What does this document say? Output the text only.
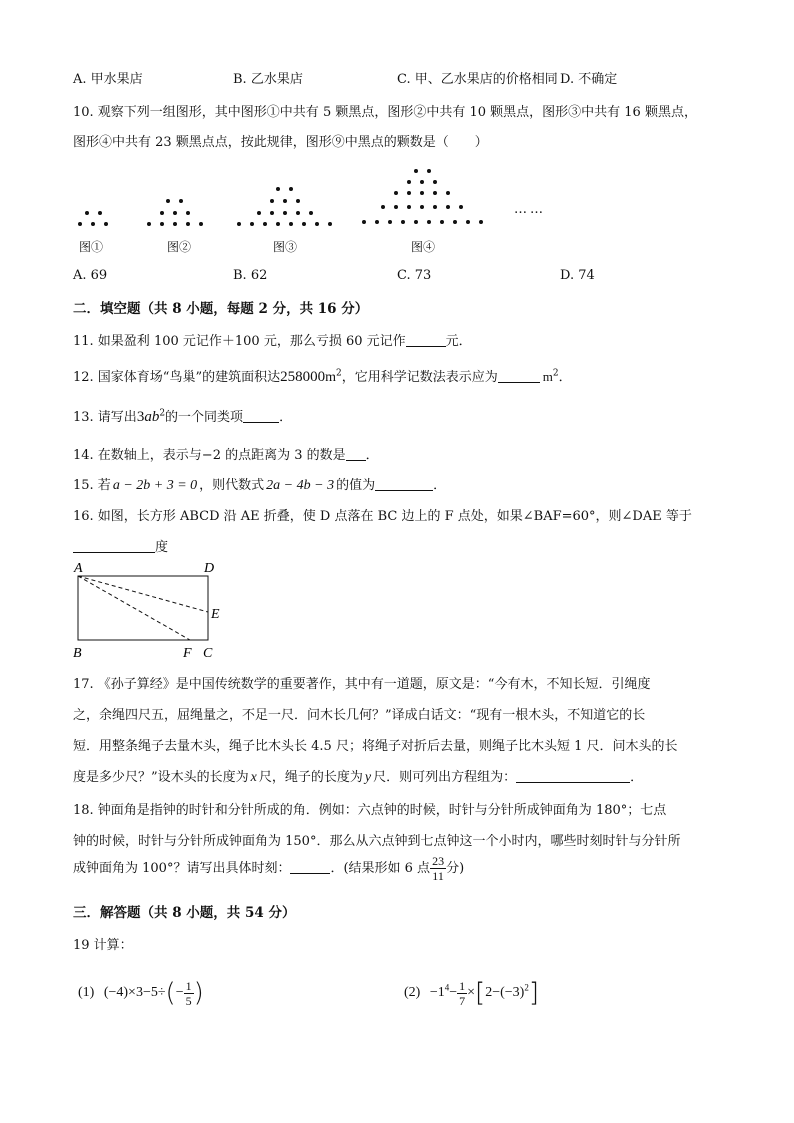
A. 甲水果店	B. 乙水果店	C. 甲、乙水果店的价格相同 D. 不确定
10. 观察下列一组图形，其中图形①中共有 5 颗黑点，图形②中共有 10 颗黑点，图形③中共有 16 颗黑点，
图形④中共有 23 颗黑点点，按此规律，图形⑨中黑点的颗数是（　　）
……
图①	图②	图③	图④
A. 69	B. 62	C. 73	D. 74
二．填空题（共 8 小题，每题 2 分，共 16 分）
11. 如果盈利 100 元记作＋100 元，那么亏损 60 元记作	元．
12. 国家体育场“鸟巢”的建筑面积达$258000m^2$，它用科学记数法表示应为	$m^2$．
13. 请写出$3ab^2$的一个同类项	．
14. 在数轴上，表示与−2 的点距离为 3 的数是 ．
15. 若 a − 2b + 3 = 0 ，则代数式 2a − 4b − 3 的值为	．
16. 如图，长方形 ABCD 沿 AE 折叠，使 D 点落在 BC 边上的 F 点处，如果∠BAF=60°，则∠DAE 等于
度
A	D
E
B	F C
17. 《孙子算经》是中国传统数学的重要著作，其中有一道题，原文是：“今有木，不知长短．引绳度
之，余绳四尺五，屈绳量之，不足一尺．问木长几何？”译成白话文：“现有一根木头，不知道它的长
短．用整条绳子去量木头，绳子比木头长 4.5 尺；将绳子对折后去量，则绳子比木头短 1 尺．问木头的长
度是多少尺？”设木头的长度为 x 尺，绳子的长度为 y 尺．则可列出方程组为：	．
18. 钟面角是指钟的时针和分针所成的角．例如：六点钟的时候，时针与分针所成钟面角为 180°；七点
钟的时候，时针与分针所成钟面角为 150°．那么从六点钟到七点钟这一个小时内，哪些时刻时针与分针所
成钟面角为 100°？请写出具体时刻：	．(结果形如 6 点 $\frac{23}{11}$ 分)
三．解答题（共 8 小题，共 54 分）
19 计算：
(1) $(-4)\times 3-5\div(- \frac{1}{5}$ )	$(2) -1^4- \frac{1}{7} \times[2-(-3)^2]$
